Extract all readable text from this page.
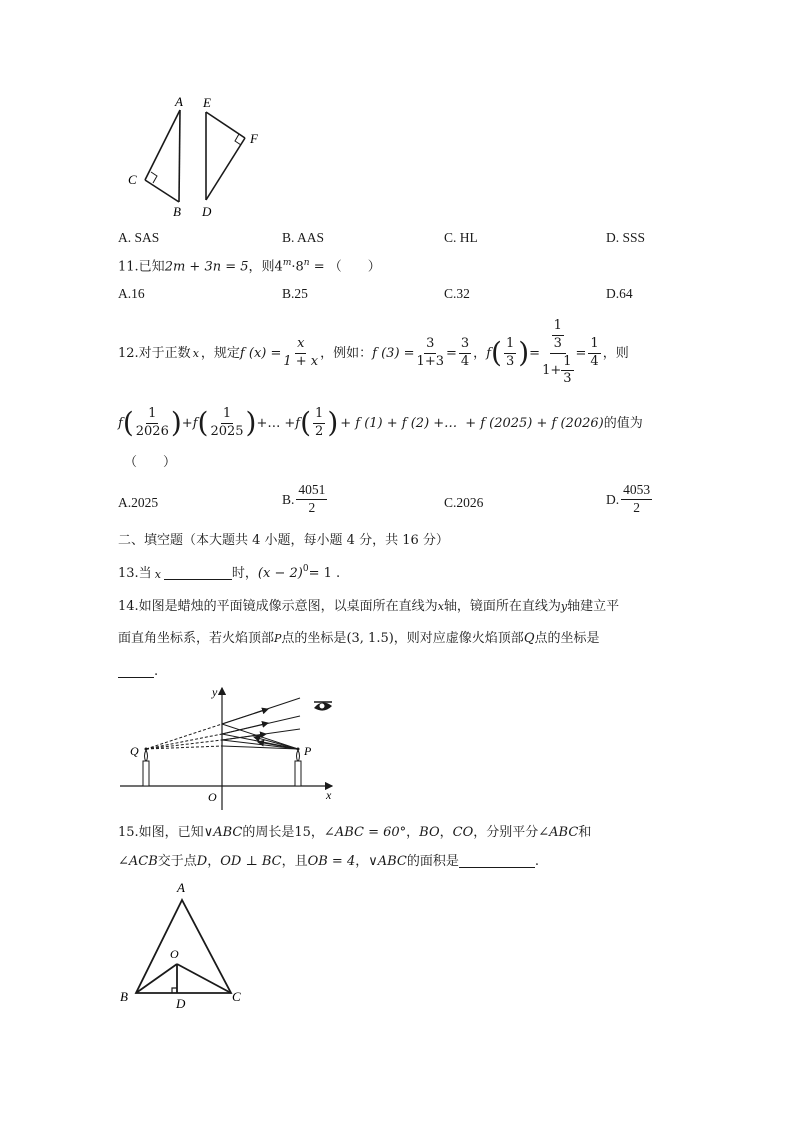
A
C
B
E
F
D
A. SAS	B. AAS	C. HL	D. SSS
11.已知2m + 3n = 5，则$4^m\cdot 8^n$ = （　　）
A.16	B.25	C.32	D.64
12.对于正数 x ，规定 f $(x) = \frac{x}{1 + x}$ ，例如： f $(3) = \frac{3}{1+3} = \frac{3}{4}$ ， f ( $\frac{1}{3}$ ) = $\frac{\frac{1}{3}}{1+ \frac{1}{3}} = \frac{1}{4}$ ，则
f ( $\frac{1}{2026}$ ) + f ( $\frac{1}{2025}$ ) +… + f ( $\frac{1}{2}$ ) + f (1) + f (2) +… + f (2025) + f (2026) 的值为
（　　）
A.2025	B. $\frac{4051}{2}$	C.2026	D. $\frac{4053}{2}$
二、填空题（本大题共 4 小题，每小题 4 分，共 16 分）
13.当 x	时， $(x - 2)^0 = 1$ .
14.如图是蜡烛的平面镜成像示意图，以桌面所在直线为x轴，镜面所在直线为y轴建立平
面直角坐标系，若火焰顶部P点的坐标是(3, 1.5)，则对应虚像火焰顶部Q点的坐标是
.
y
x
O
P
Q
15.如图，已知∨ABC的周长是15，∠ABC = 60°，BO，CO，分别平分∠ABC和
∠ACB 交于点 D ， OD ⊥ BC ，且 OB = 4 ， ∨ABC 的面积是	.
A
B	C
O
D
